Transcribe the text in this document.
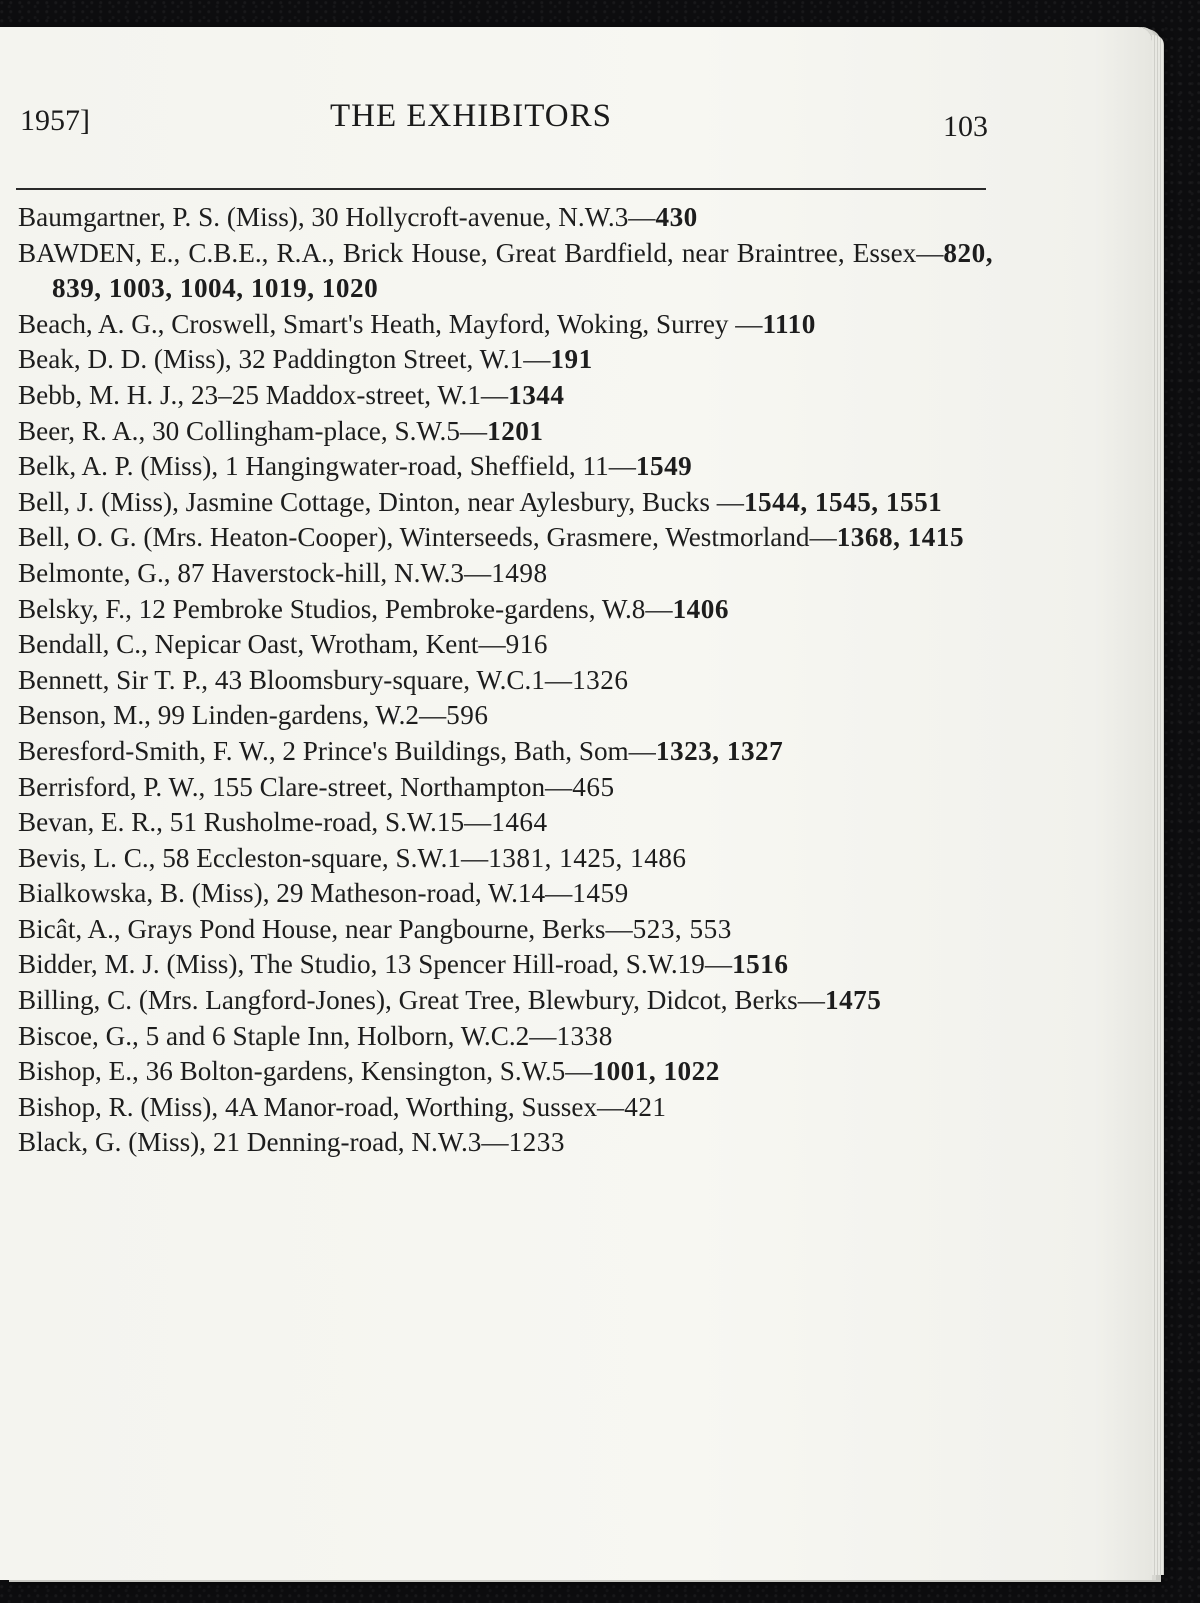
1957]	THE EXHIBITORS	103
Baumgartner, P. S. (Miss), 30 Hollycroft-avenue, N.W.3—430
BAWDEN, E., C.B.E., R.A., Brick House, Great Bardfield, near Braintree, Essex—820, 839, 1003, 1004, 1019, 1020
Beach, A. G., Croswell, Smart's Heath, Mayford, Woking, Surrey —1110
Beak, D. D. (Miss), 32 Paddington Street, W.1—191
Bebb, M. H. J., 23–25 Maddox-street, W.1—1344
Beer, R. A., 30 Collingham-place, S.W.5—1201
Belk, A. P. (Miss), 1 Hangingwater-road, Sheffield, 11—1549
Bell, J. (Miss), Jasmine Cottage, Dinton, near Aylesbury, Bucks —1544, 1545, 1551
Bell, O. G. (Mrs. Heaton-Cooper), Winterseeds, Grasmere, Westmorland—1368, 1415
Belmonte, G., 87 Haverstock-hill, N.W.3—1498
Belsky, F., 12 Pembroke Studios, Pembroke-gardens, W.8—1406
Bendall, C., Nepicar Oast, Wrotham, Kent—916
Bennett, Sir T. P., 43 Bloomsbury-square, W.C.1—1326
Benson, M., 99 Linden-gardens, W.2—596
Beresford-Smith, F. W., 2 Prince's Buildings, Bath, Som—1323, 1327
Berrisford, P. W., 155 Clare-street, Northampton—465
Bevan, E. R., 51 Rusholme-road, S.W.15—1464
Bevis, L. C., 58 Eccleston-square, S.W.1—1381, 1425, 1486
Bialkowska, B. (Miss), 29 Matheson-road, W.14—1459
Bicât, A., Grays Pond House, near Pangbourne, Berks—523, 553
Bidder, M. J. (Miss), The Studio, 13 Spencer Hill-road, S.W.19—1516
Billing, C. (Mrs. Langford-Jones), Great Tree, Blewbury, Didcot, Berks—1475
Biscoe, G., 5 and 6 Staple Inn, Holborn, W.C.2—1338
Bishop, E., 36 Bolton-gardens, Kensington, S.W.5—1001, 1022
Bishop, R. (Miss), 4A Manor-road, Worthing, Sussex—421
Black, G. (Miss), 21 Denning-road, N.W.3—1233
